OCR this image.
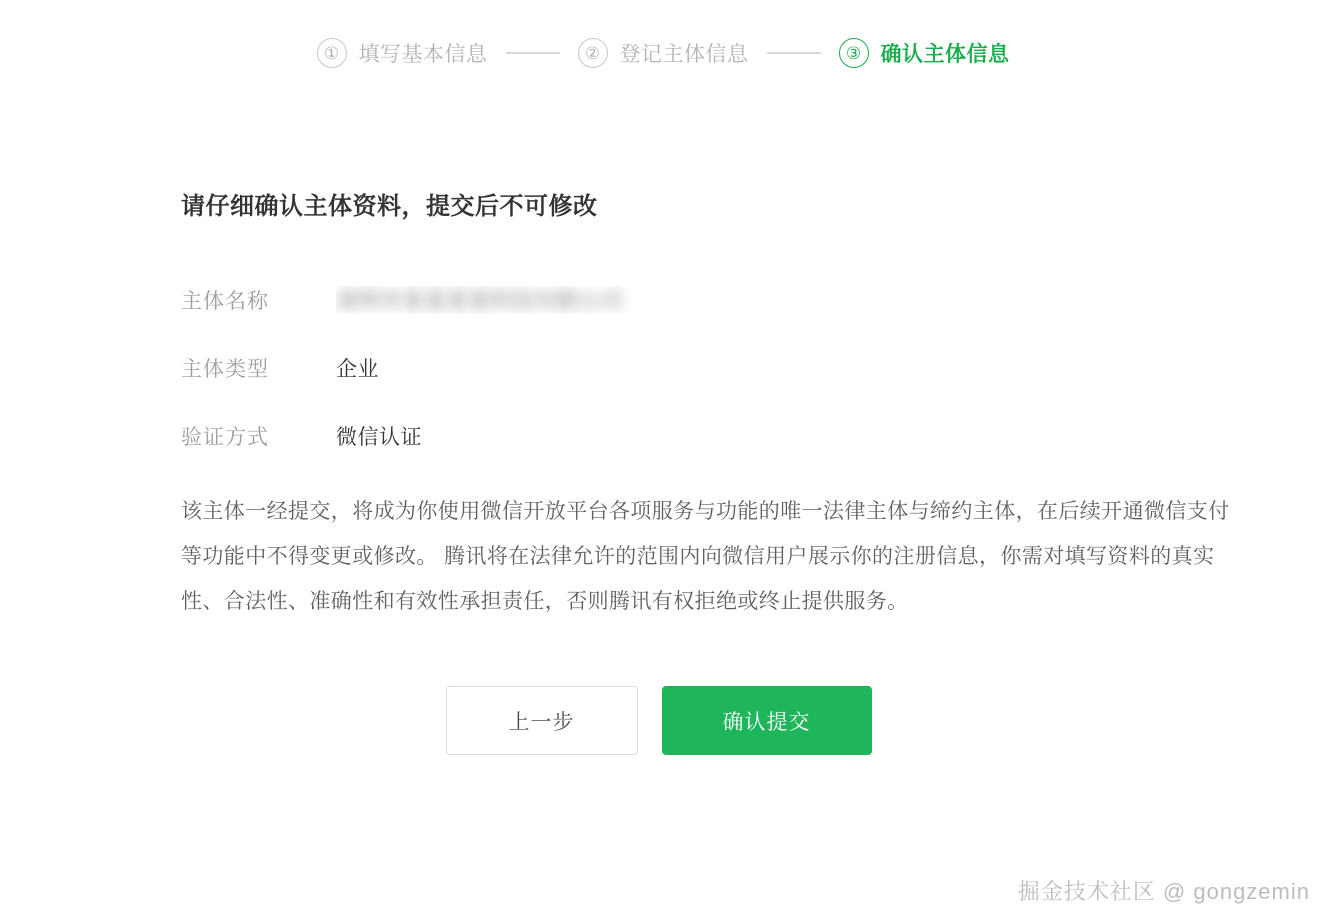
① 填写基本信息	② 登记主体信息	③ 确认主体信息
请仔细确认主体资料，提交后不可修改
主体名称	深圳市某某某某科技有限公司
主体类型	企业
验证方式	微信认证

该主体一经提交，将成为你使用微信开放平台各项服务与功能的唯一法律主体与缔约主体，在后续开通微信支付等功能中不得变更或修改。 腾讯将在法律允许的范围内向微信用户展示你的注册信息，你需对填写资料的真实性、合法性、准确性和有效性承担责任，否则腾讯有权拒绝或终止提供服务。

上一步	确认提交
掘金技术社区 @ gongzemin
